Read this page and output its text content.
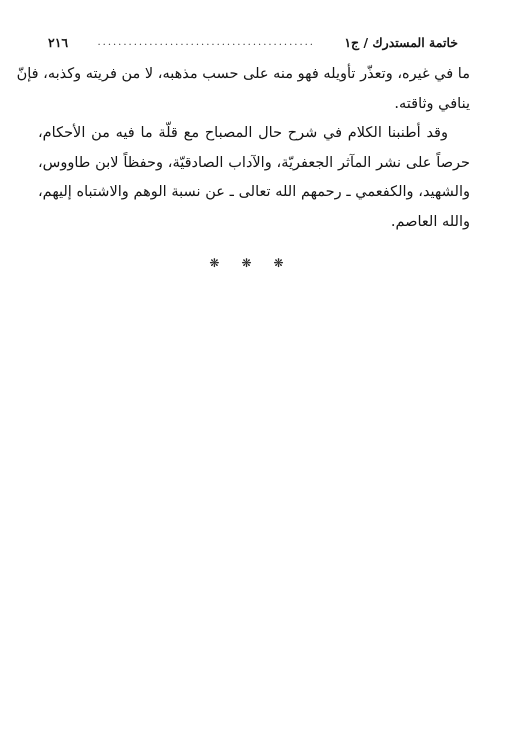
خاتمة المستدرك / ج١
..........................................
٢١٦

ما في غيره، وتعذّر تأويله فهو منه على حسب مذهبه، لا من فريته وكذبه، فإنّ
ينافي وثاقته.

وقد أطنبنا الكلام في شرح حال المصباح مع قلّة ما فيه من الأحكام،
حرصاً على نشر المآثر الجعفريّة، والآداب الصادقيّة، وحفظاً لابن طاووس،
والشهيد، والكفعمي ـ رحمهم الله تعالى ـ عن نسبة الوهم والاشتباه إليهم،
والله العاصم.

❋ ❋ ❋
